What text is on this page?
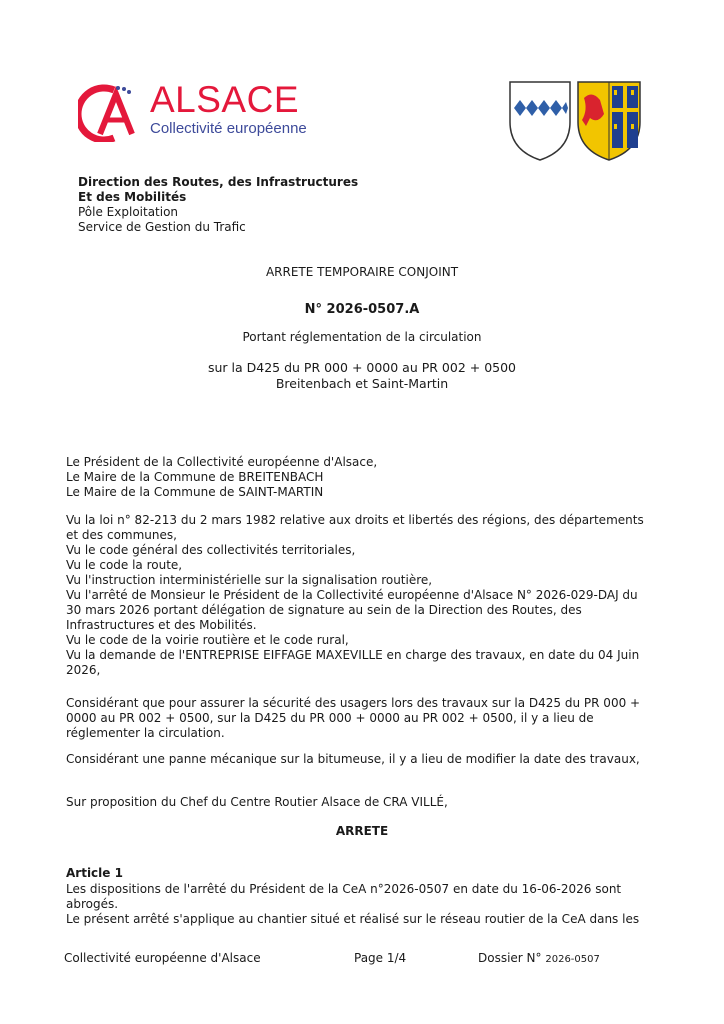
ALSACE
Collectivité européenne
Direction des Routes, des Infrastructures
Et des Mobilités
Pôle Exploitation
Service de Gestion du Trafic
ARRETE TEMPORAIRE CONJOINT
N° 2026-0507.A
Portant réglementation de la circulation
sur la D425 du PR 000 + 0000 au PR 002 + 0500
Breitenbach et Saint-Martin
Le Président de la Collectivité européenne d'Alsace,
Le Maire de la Commune de BREITENBACH
Le Maire de la Commune de SAINT-MARTIN
Vu la loi n° 82-213 du 2 mars 1982 relative aux droits et libertés des régions, des départements
et des communes,
Vu le code général des collectivités territoriales,
Vu le code la route,
Vu l'instruction interministérielle sur la signalisation routière,
Vu l'arrêté de Monsieur le Président de la Collectivité européenne d'Alsace N° 2026-029-DAJ du
30 mars 2026 portant délégation de signature au sein de la Direction des Routes, des
Infrastructures et des Mobilités.
Vu le code de la voirie routière et le code rural,
Vu la demande de l'ENTREPRISE EIFFAGE MAXEVILLE en charge des travaux, en date du 04 Juin
2026,
Considérant que pour assurer la sécurité des usagers lors des travaux sur la D425 du PR 000 +
0000 au PR 002 + 0500, sur la D425 du PR 000 + 0000 au PR 002 + 0500, il y a lieu de
réglementer la circulation.
Considérant une panne mécanique sur la bitumeuse, il y a lieu de modifier la date des travaux,
Sur proposition du Chef du Centre Routier Alsace de CRA VILLÉ,
ARRETE
Article 1
Les dispositions de l'arrêté du Président de la CeA n°2026-0507 en date du 16-06-2026 sont
abrogés.
Le présent arrêté s'applique au chantier situé et réalisé sur le réseau routier de la CeA dans les
Collectivité européenne d'Alsace	Page 1/4	Dossier N° 2026-0507
